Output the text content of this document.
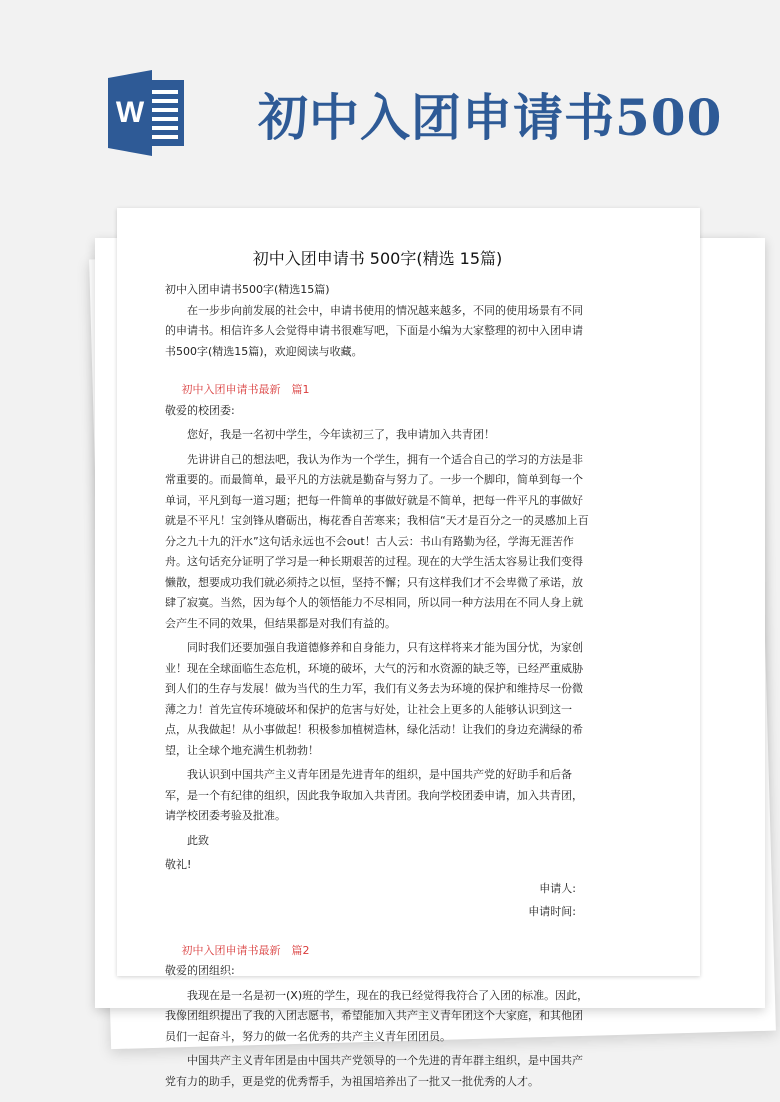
W 初中入团申请书500

初中入团申请书 500字(精选 15篇)

初中入团申请书500字(精选15篇)

在一步步向前发展的社会中，申请书使用的情况越来越多，不同的使用场景有不同的申请书。相信许多人会觉得申请书很难写吧，下面是小编为大家整理的初中入团申请书500字(精选15篇)，欢迎阅读与收藏。

初中入团申请书最新　篇1

敬爱的校团委:

您好，我是一名初中学生，今年读初三了，我申请加入共青团！

先讲讲自己的想法吧，我认为作为一个学生，拥有一个适合自己的学习的方法是非常重要的。而最简单，最平凡的方法就是勤奋与努力了。一步一个脚印，简单到每一个单词，平凡到每一道习题；把每一件简单的事做好就是不简单，把每一件平凡的事做好就是不平凡！宝剑锋从磨砺出，梅花香自苦寒来；我相信“天才是百分之一的灵感加上百分之九十九的汗水”这句话永远也不会out！古人云：书山有路勤为径，学海无涯苦作舟。这句话充分证明了学习是一种长期艰苦的过程。现在的大学生活太容易让我们变得懒散，想要成功我们就必须持之以恒，坚持不懈；只有这样我们才不会卑微了承诺，放肆了寂寞。当然，因为每个人的领悟能力不尽相同，所以同一种方法用在不同人身上就会产生不同的效果，但结果都是对我们有益的。

同时我们还要加强自我道德修养和自身能力，只有这样将来才能为国分忧，为家创业！现在全球面临生态危机，环境的破坏，大气的污和水资源的缺乏等，已经严重威胁到人们的生存与发展！做为当代的生力军，我们有义务去为环境的保护和维持尽一份微薄之力！首先宣传环境破坏和保护的危害与好处，让社会上更多的人能够认识到这一点，从我做起！从小事做起！积极参加植树造林，绿化活动！让我们的身边充满绿的希望，让全球个地充满生机勃勃！

我认识到中国共产主义青年团是先进青年的组织，是中国共产党的好助手和后备军，是一个有纪律的组织，因此我争取加入共青团。我向学校团委申请，加入共青团，请学校团委考验及批准。

此致

敬礼!

申请人:

申请时间:

初中入团申请书最新　篇2

敬爱的团组织:

我现在是一名是初一(X)班的学生，现在的我已经觉得我符合了入团的标准。因此，我像团组织提出了我的入团志愿书，希望能加入共产主义青年团这个大家庭，和其他团员们一起奋斗，努力的做一名优秀的共产主义青年团团员。

中国共产主义青年团是由中国共产党领导的一个先进的青年群主组织，是中国共产党有力的助手，更是党的优秀帮手，为祖国培养出了一批又一批优秀的人才。
